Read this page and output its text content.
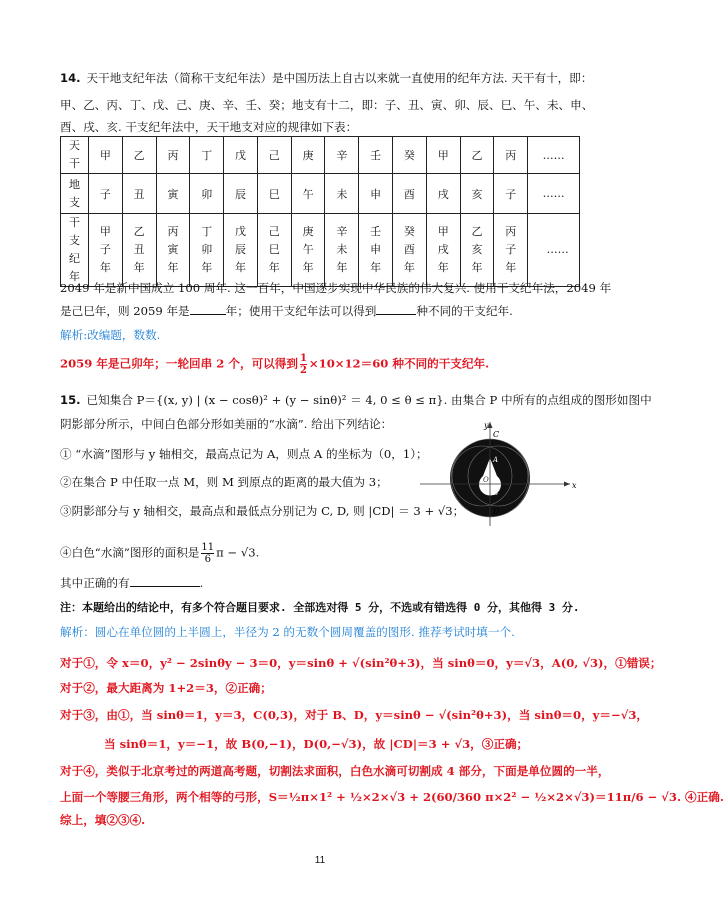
14. 天干地支纪年法（简称干支纪年法）是中国历法上自古以来就一直使用的纪年方法. 天干有十，即：
甲、乙、丙、丁、戊、己、庚、辛、壬、癸；地支有十二，即：子、丑、寅、卯、辰、巳、午、未、申、
酉、戌、亥. 干支纪年法中，天干地支对应的规律如下表：
天干	甲	乙	丙	丁	戊	己	庚	辛	壬	癸	甲	乙	丙	……
地支	子	丑	寅	卯	辰	巳	午	未	申	酉	戌	亥	子	……
干支纪年	甲子年	乙丑年	丙寅年	丁卯年	戊辰年	己巳年	庚午年	辛未年	壬申年	癸酉年	甲戌年	乙亥年	丙子年	……
2049 年是新中国成立 100 周年. 这一百年，中国逐步实现中华民族的伟大复兴. 使用干支纪年法，2049 年
是己巳年，则 2059 年是	年；使用干支纪年法可以得到	种不同的干支纪年.
解析:改编题，数数.
2059 年是己卯年；一轮回串 2 个，可以得到 $\frac{1}{2} \times 10\times 12=60$ 种不同的干支纪年.
15. 已知集合 P＝{(x, y) | (x − cosθ)² + (y − sinθ)² ＝ 4, 0 ≤ θ ≤ π}. 由集合 P 中所有的点组成的图形如图中
阴影部分所示，中间白色部分形如美丽的“水滴”. 给出下列结论：
① “水滴”图形与 y 轴相交，最高点记为 A，则点 A 的坐标为（0，1）；
②在集合 P 中任取一点 M，则 M 到原点的距离的最大值为 3；
③阴影部分与 y 轴相交，最高点和最低点分别记为 C, D, 则 |CD| ＝ 3 + √3；
④白色“水滴”图形的面积是 $\frac{11}{6}$ π − √3.
其中正确的有	.
注：本题给出的结论中，有多个符合题目要求. 全部选对得 5 分，不选或有错选得 0 分，其他得 3 分.
解析：圆心在单位圆的上半圆上，半径为 2 的无数个圆周覆盖的图形. 推荐考试时填一个.
对于①，令 x＝0，y² − 2sinθy − 3＝0，y＝sinθ + √(sin²θ+3)，当 sinθ＝0，y＝√3，A(0, √3)，①错误；
对于②，最大距离为 1+2＝3，②正确；
对于③，由①，当 sinθ＝1，y＝3，C(0,3)，对于 B、D，y＝sinθ − √(sin²θ+3)，当 sinθ＝0，y＝−√3，
当 sinθ＝1，y＝−1，故 B(0,−1)，D(0,−√3)，故 |CD|＝3 + √3，③正确；
对于④，类似于北京考过的两道高考题，切割法求面积，白色水滴可切割成 4 部分，下面是单位圆的一半，
上面一个等腰三角形，两个相等的弓形，S＝½π×1² + ½×2×√3 + 2(60/360 π×2² − ½×2×√3)＝11π/6 − √3. ④正确.
综上，填②③④.
y
x
C
A
O
B
D
11
